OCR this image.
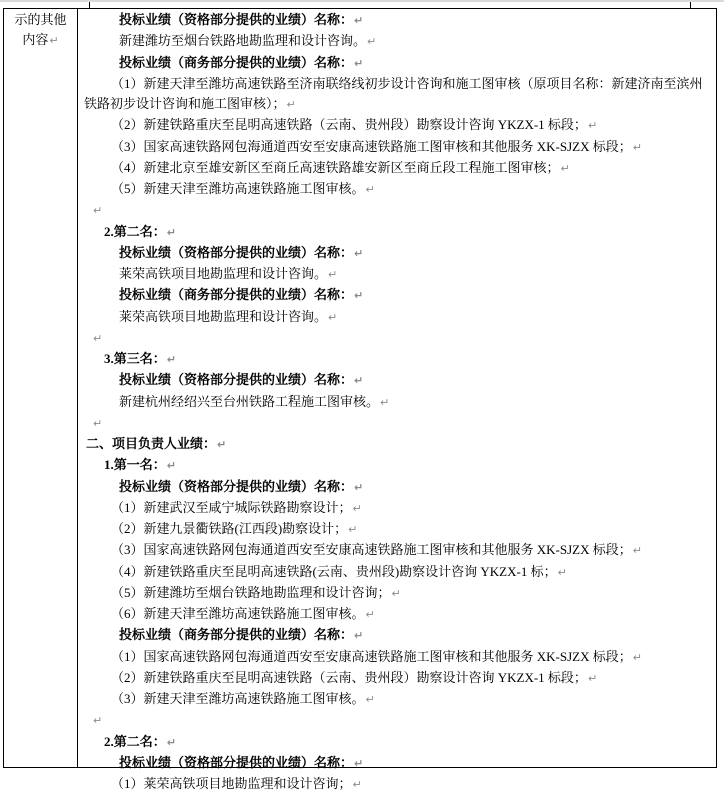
示的其他
内容↵
投标业绩（资格部分提供的业绩）名称：↵
新建潍坊至烟台铁路地勘监理和设计咨询。↵
投标业绩（商务部分提供的业绩）名称：↵
（1）新建天津至潍坊高速铁路至济南联络线初步设计咨询和施工图审核（原项目名称：新建济南至滨州铁路初步设计咨询和施工图审核）；↵
（2）新建铁路重庆至昆明高速铁路（云南、贵州段）勘察设计咨询 YKZX-1 标段；↵
（3）国家高速铁路网包海通道西安至安康高速铁路施工图审核和其他服务 XK-SJZX 标段；↵
（4）新建北京至雄安新区至商丘高速铁路雄安新区至商丘段工程施工图审核；↵
（5）新建天津至潍坊高速铁路施工图审核。↵
↵
2.第二名：↵
投标业绩（资格部分提供的业绩）名称：↵
莱荣高铁项目地勘监理和设计咨询。↵
投标业绩（商务部分提供的业绩）名称：↵
莱荣高铁项目地勘监理和设计咨询。↵
↵
3.第三名：↵
投标业绩（资格部分提供的业绩）名称：↵
新建杭州经绍兴至台州铁路工程施工图审核。↵
↵
二、项目负责人业绩：↵
1.第一名：↵
投标业绩（资格部分提供的业绩）名称：↵
（1）新建武汉至咸宁城际铁路勘察设计；↵
（2）新建九景衢铁路(江西段)勘察设计；↵
（3）国家高速铁路网包海通道西安至安康高速铁路施工图审核和其他服务 XK-SJZX 标段；↵
（4）新建铁路重庆至昆明高速铁路(云南、贵州段)勘察设计咨询 YKZX-1 标；↵
（5）新建潍坊至烟台铁路地勘监理和设计咨询；↵
（6）新建天津至潍坊高速铁路施工图审核。↵
投标业绩（商务部分提供的业绩）名称：↵
（1）国家高速铁路网包海通道西安至安康高速铁路施工图审核和其他服务 XK-SJZX 标段；↵
（2）新建铁路重庆至昆明高速铁路（云南、贵州段）勘察设计咨询 YKZX-1 标段；↵
（3）新建天津至潍坊高速铁路施工图审核。↵
↵
2.第二名：↵
投标业绩（资格部分提供的业绩）名称：↵
（1）莱荣高铁项目地勘监理和设计咨询；↵
